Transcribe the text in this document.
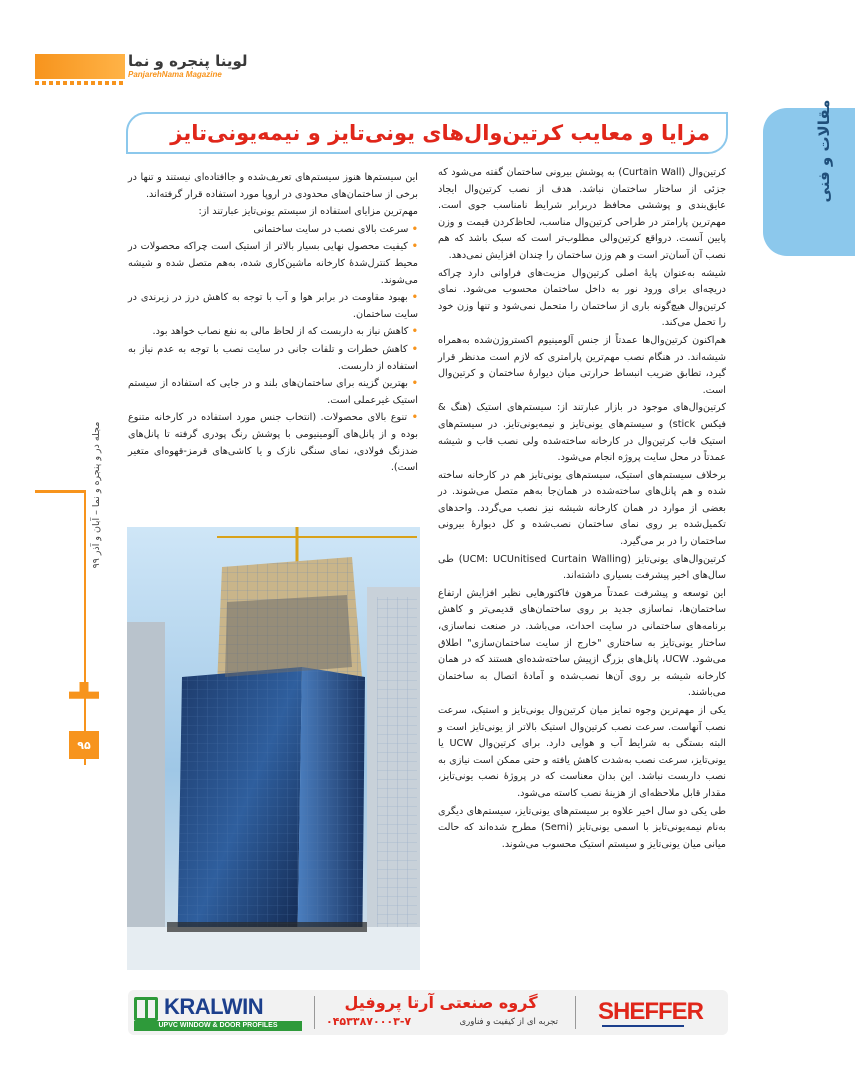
لوینا پنجره و نما
PanjarehNama Magazine
مقالات و فنی
مزایا و معایب کرتین‌وال‌های یونی‌تایز و نیمه‌یونی‌تایز
مجله در و پنجره و نما – آبان و آذر ۹۹
۹۵

کرتین‌وال (Curtain Wall) به پوشش بیرونی ساختمان گفته می‌شود که جزئی از ساختار ساختمان نباشد. هدف از نصب کرتین‌وال ایجاد عایق‌بندی و پوششی محافظ دربرابر شرایط نامناسب جوی است. مهم‌ترین پارامتر در طراحی کرتین‌وال مناسب، لحاظ‌کردن قیمت و وزن پایین آنست. درواقع کرتین‌والی مطلوب‌تر است که سبک باشد که هم نصب آن آسان‌تر است و هم وزن ساختمان را چندان افزایش نمی‌دهد.

شیشه به‌عنوان پایهٔ اصلی کرتین‌وال مزیت‌های فراوانی دارد چراکه دریچه‌ای برای ورود نور به داخل ساختمان محسوب می‌شود. نمای کرتین‌وال هیچ‌گونه باری از ساختمان را متحمل نمی‌شود و تنها وزن خود را تحمل می‌کند.

هم‌اکنون کرتین‌وال‌ها عمدتاً از جنس آلومینیوم اکستروژن‌شده به‌همراه شیشه‌اند. در هنگام نصب مهم‌ترین پارامتری که لازم است مدنظر قرار گیرد، تطابق ضریب انبساط حرارتی میان دیوارهٔ ساختمان و کرتین‌وال است.

کرتین‌وال‌های موجود در بازار عبارتند از: سیستم‌های استیک (هنگ & فیکس stick) و سیستم‌های یونی‌تایز و نیمه‌یونی‌تایز. در سیستم‌های استیک قاب کرتین‌وال در کارخانه ساخته‌شده ولی نصب قاب و شیشه عمدتاً در محل سایت پروژه انجام می‌شود.

برخلاف سیستم‌های استیک، سیستم‌های یونی‌تایز هم در کارخانه ساخته شده و هم پانل‌های ساخته‌شده در همان‌جا به‌هم متصل می‌شوند. در بعضی از موارد در همان کارخانه شیشه نیز نصب می‌گردد. واحدهای تکمیل‌شده بر روی نمای ساختمان نصب‌شده و کل دیوارهٔ بیرونی ساختمان را در بر می‌گیرد.

کرتین‌وال‌های یونی‌تایز (UCM: UCUnitised Curtain Walling) طی سال‌های اخیر پیشرفت بسیاری داشته‌اند.

این توسعه و پیشرفت عمدتاً مرهون فاکتورهایی نظیر افزایش ارتفاع ساختمان‌ها، نماسازی جدید بر روی ساختمان‌های قدیمی‌تر و کاهش برنامه‌های ساختمانی در سایت احداث، می‌باشد. در صنعت نماسازی، ساختار یونی‌تایز به ساختاری "خارج از سایت ساختمان‌سازی" اطلاق می‌شود. UCW، پانل‌های بزرگ ازپیش ساخته‌شده‌ای هستند که در همان کارخانه شیشه بر روی آن‌ها نصب‌شده و آمادهٔ اتصال به ساختمان می‌باشند.

یکی از مهم‌ترین وجوه تمایز میان کرتین‌وال یونی‌تایز و استیک، سرعت نصب آنهاست. سرعت نصب کرتین‌وال استیک بالاتر از یونی‌تایز است و البته بستگی به شرایط آب و هوایی دارد. برای کرتین‌وال UCW یا یونی‌تایز، سرعت نصب به‌شدت کاهش یافته و حتی ممکن است نیازی به نصب داربست نباشد. این بدان معناست که در پروژهٔ نصب یونی‌تایز، مقدار قابل ملاحظه‌ای از هزینهٔ نصب کاسته می‌شود.

طی یکی دو سال اخیر علاوه بر سیستم‌های یونی‌تایز، سیستم‌های دیگری به‌نام نیمه‌یونی‌تایز با اسمی یونی‌تایز (Semi) مطرح شده‌اند که حالت میانی میان یونی‌تایز و سیستم استیک محسوب می‌شوند.

این سیستم‌ها هنوز سیستم‌های تعریف‌شده و جاافتاده‌ای نیستند و تنها در برخی از ساختمان‌های محدودی در اروپا مورد استفاده قرار گرفته‌اند.

مهم‌ترین مزایای استفاده از سیستم یونی‌تایز عبارتند از:

• سرعت بالای نصب در سایت ساختمانی

• کیفیت محصول نهایی بسیار بالاتر از استیک است چراکه محصولات در محیط کنترل‌شدهٔ کارخانه ماشین‌کاری شده، به‌هم متصل شده و شیشه می‌شوند.

• بهبود مقاومت در برابر هوا و آب با توجه به کاهش درز در زیرندی در سایت ساختمان.

• کاهش نیاز به داربست که از لحاظ مالی به نفع نصاب خواهد بود.

• کاهش خطرات و تلفات جانی در سایت نصب با توجه به عدم نیاز به استفاده از داربست.

• بهترین گزینه برای ساختمان‌های بلند و در جایی که استفاده از سیستم استیک غیرعملی است.

• تنوع بالای محصولات. (انتخاب جنس مورد استفاده در کارخانه متنوع بوده و از پانل‌های آلومینیومی با پوشش رنگ پودری گرفته تا پانل‌های ضدزنگ فولادی، نمای سنگی نازک و یا کاشی‌های قرمز-قهوه‌ای متغیر است).

KRALWIN
UPVC WINDOW & DOOR PROFILES
گروه صنعتی آرتا پروفیل
تجربه ای از کیفیت و فناوری
۰۴۵۳۳۸۷۰۰۰۳-۷	SHEFFER
